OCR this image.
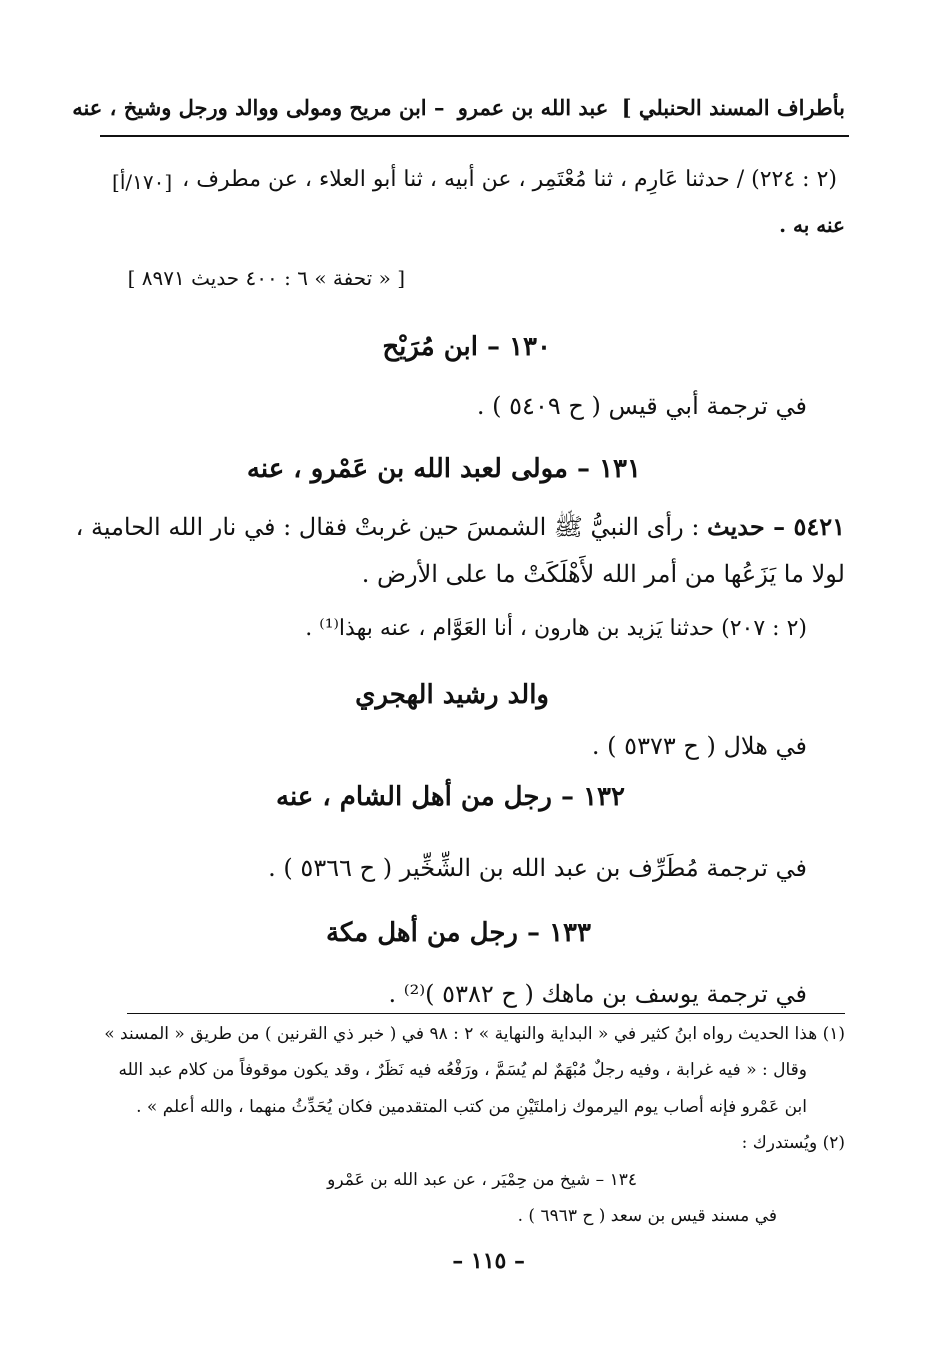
بأطراف المسند الحنبلي ] عبد الله بن عمرو – ابن مريح ومولى ووالد ورجل وشيخ ، عنه
[١٧٠/أ] (٢ : ٢٢٤) / حدثنا عَارِم ، ثنا مُعْتَمِر ، عن أبيه ، ثنا أبو العلاء ، عن مطرف ،
عنه به .
[ « تحفة » ٦ : ٤٠٠ حديث ٨٩٧١ ]
١٣٠ – ابن مُرَيْح
في ترجمة أبي قيس ( ح ٥٤٠٩ ) .
١٣١ – مولى لعبد الله بن عَمْرو ، عنه
٥٤٢١ – حديث : رأى النبيُّ ﷺ الشمسَ حين غربتْ فقال : في نار الله الحامية ،
لولا ما يَزَعُها من أمر الله لأَهْلَكَتْ ما على الأرض .
(٢ : ٢٠٧) حدثنا يَزيد بن هارون ، أنا العَوَّام ، عنه بهذا⁽¹⁾ .
والد رشيد الهجري
في هلال ( ح ٥٣٧٣ ) .
١٣٢ – رجل من أهل الشام ، عنه
في ترجمة مُطَرِّف بن عبد الله بن الشِّخِّير ( ح ٥٣٦٦ ) .
١٣٣ – رجل من أهل مكة
في ترجمة يوسف بن ماهك ( ح ٥٣٨٢ )⁽²⁾ .
(١) هذا الحديث رواه ابنُ كثير في « البداية والنهاية » ٢ : ٩٨ في ( خبر ذي القرنين ) من طريق « المسند »
وقال : « فيه غرابة ، وفيه رجلٌ مُبْهَمٌ لم يُسَمَّ ، ورَفْعُه فيه نَظَرٌ ، وقد يكون موقوفاً من كلام عبد الله
ابن عَمْرو فإنه أصاب يوم اليرموك زاملتَيْنِ من كتب المتقدمين فكان يُحَدِّثُ منهما ، والله أعلم » .
(٢) ويُستدرك :
١٣٤ – شيخ من حِمْيَر ، عن عبد الله بن عَمْرو
في مسند قيس بن سعد ( ح ٦٩٦٣ ) .
– ١١٥ –
